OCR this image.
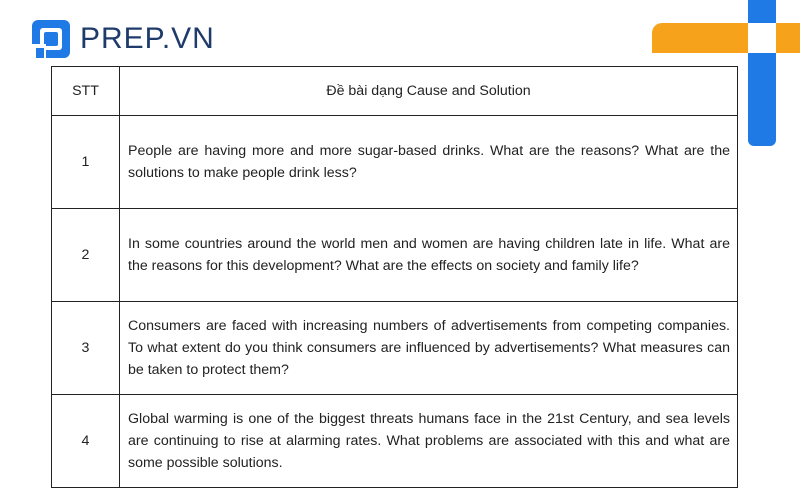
PREP.VN
STT	Đề bài dạng Cause and Solution
1	People are having more and more sugar-based drinks. What are the reasons? What are the solutions to make people drink less?
2	In some countries around the world men and women are having children late in life. What are the reasons for this development? What are the effects on society and family life?
3	Consumers are faced with increasing numbers of advertisements from competing companies. To what extent do you think consumers are influenced by advertisements? What measures can be taken to protect them?
4	Global warming is one of the biggest threats humans face in the 21st Century, and sea levels are continuing to rise at alarming rates. What problems are associated with this and what are some possible solutions.
